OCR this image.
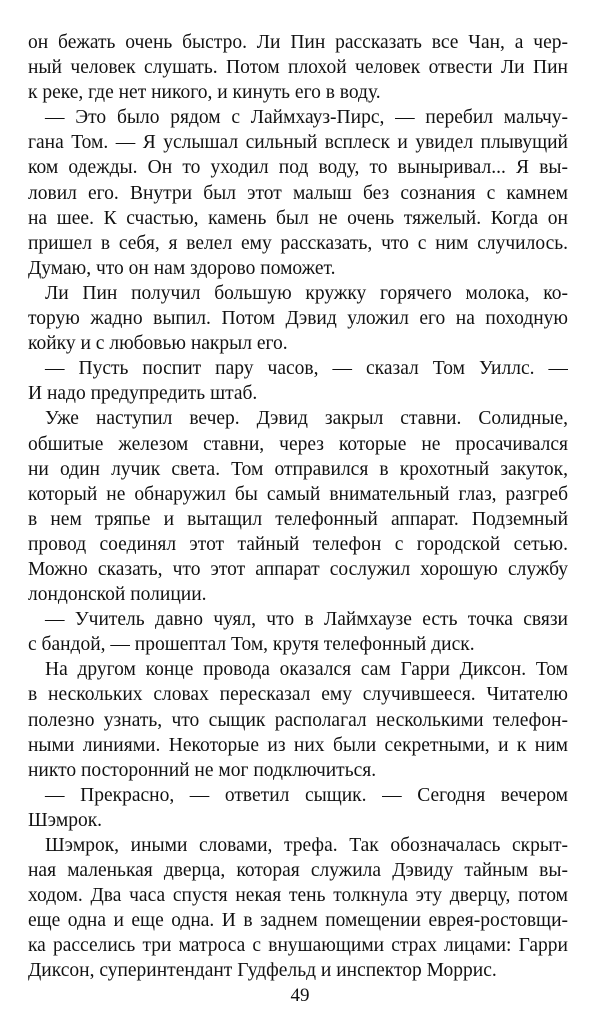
он бежать очень быстро. Ли Пин рассказать все Чан, а чер-
ный человек слушать. Потом плохой человек отвести Ли Пин
к реке, где нет никого, и кинуть его в воду.
— Это было рядом с Лаймхауз-Пирс, — перебил мальчу-
гана Том. — Я услышал сильный всплеск и увидел плывущий
ком одежды. Он то уходил под воду, то выныривал... Я вы-
ловил его. Внутри был этот малыш без сознания с камнем
на шее. К счастью, камень был не очень тяжелый. Когда он
пришел в себя, я велел ему рассказать, что с ним случилось.
Думаю, что он нам здорово поможет.
Ли Пин получил большую кружку горячего молока, ко-
торую жадно выпил. Потом Дэвид уложил его на походную
койку и с любовью накрыл его.
— Пусть поспит пару часов, — сказал Том Уиллс. —
И надо предупредить штаб.
Уже наступил вечер. Дэвид закрыл ставни. Солидные,
обшитые железом ставни, через которые не просачивался
ни один лучик света. Том отправился в крохотный закуток,
который не обнаружил бы самый внимательный глаз, разгреб
в нем тряпье и вытащил телефонный аппарат. Подземный
провод соединял этот тайный телефон с городской сетью.
Можно сказать, что этот аппарат сослужил хорошую службу
лондонской полиции.
— Учитель давно чуял, что в Лаймхаузе есть точка связи
с бандой, — прошептал Том, крутя телефонный диск.
На другом конце провода оказался сам Гарри Диксон. Том
в нескольких словах пересказал ему случившееся. Читателю
полезно узнать, что сыщик располагал несколькими телефон-
ными линиями. Некоторые из них были секретными, и к ним
никто посторонний не мог подключиться.
— Прекрасно, — ответил сыщик. — Сегодня вечером
Шэмрок.
Шэмрок, иными словами, трефа. Так обозначалась скрыт-
ная маленькая дверца, которая служила Дэвиду тайным вы-
ходом. Два часа спустя некая тень толкнула эту дверцу, потом
еще одна и еще одна. И в заднем помещении еврея-ростовщи-
ка расселись три матроса с внушающими страх лицами: Гарри
Диксон, суперинтендант Гудфельд и инспектор Моррис.
49
